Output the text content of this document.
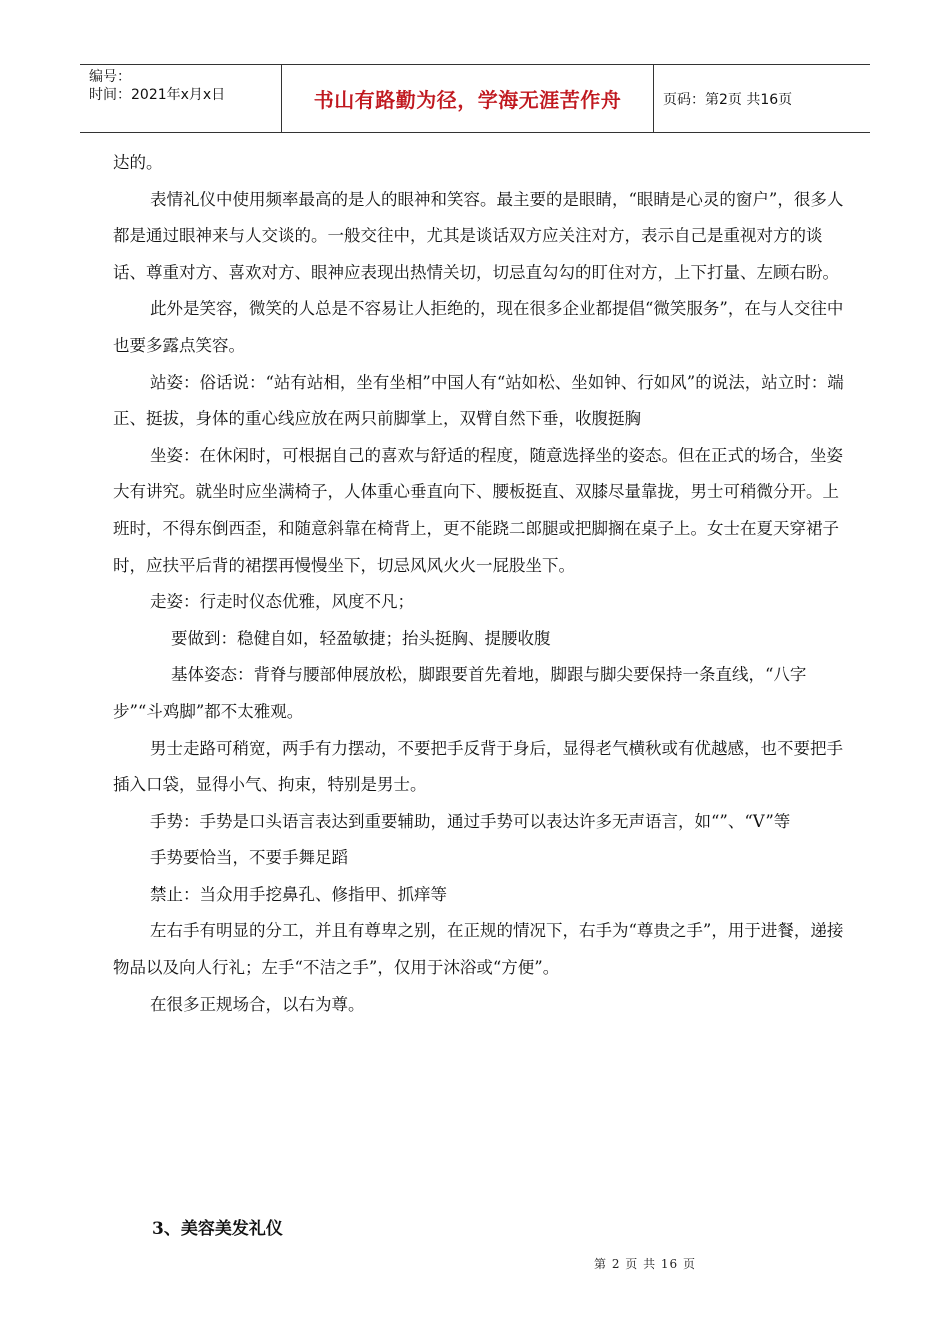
编号：
时间：2021年x月x日	书山有路勤为径，学海无涯苦作舟	页码：第2页 共16页

达的。

表情礼仪中使用频率最高的是人的眼神和笑容。最主要的是眼睛，“眼睛是心灵的窗户”，很多人都是通过眼神来与人交谈的。一般交往中，尤其是谈话双方应关注对方，表示自己是重视对方的谈话、尊重对方、喜欢对方、眼神应表现出热情关切，切忌直勾勾的盯住对方，上下打量、左顾右盼。

此外是笑容，微笑的人总是不容易让人拒绝的，现在很多企业都提倡“微笑服务”，在与人交往中也要多露点笑容。

站姿：俗话说：“站有站相，坐有坐相”中国人有“站如松、坐如钟、行如风”的说法，站立时：端正、挺拔，身体的重心线应放在两只前脚掌上，双臂自然下垂，收腹挺胸

坐姿：在休闲时，可根据自己的喜欢与舒适的程度，随意选择坐的姿态。但在正式的场合，坐姿大有讲究。就坐时应坐满椅子，人体重心垂直向下、腰板挺直、双膝尽量靠拢，男士可稍微分开。上班时，不得东倒西歪，和随意斜靠在椅背上，更不能跷二郎腿或把脚搁在桌子上。女士在夏天穿裙子时，应扶平后背的裙摆再慢慢坐下，切忌风风火火一屁股坐下。

走姿：行走时仪态优雅，风度不凡；

要做到：稳健自如，轻盈敏捷；抬头挺胸、提腰收腹

基体姿态：背脊与腰部伸展放松，脚跟要首先着地，脚跟与脚尖要保持一条直线，“八字步”“斗鸡脚”都不太雅观。

男士走路可稍宽，两手有力摆动，不要把手反背于身后，显得老气横秋或有优越感，也不要把手插入口袋，显得小气、拘束，特别是男士。

手势：手势是口头语言表达到重要辅助，通过手势可以表达许多无声语言，如“”、“V”等

手势要恰当，不要手舞足蹈

禁止：当众用手挖鼻孔、修指甲、抓痒等

左右手有明显的分工，并且有尊卑之别，在正规的情况下，右手为“尊贵之手”，用于进餐，递接物品以及向人行礼；左手“不洁之手”，仅用于沐浴或“方便”。

在很多正规场合，以右为尊。

3、美容美发礼仪
第 2 页 共 16 页
